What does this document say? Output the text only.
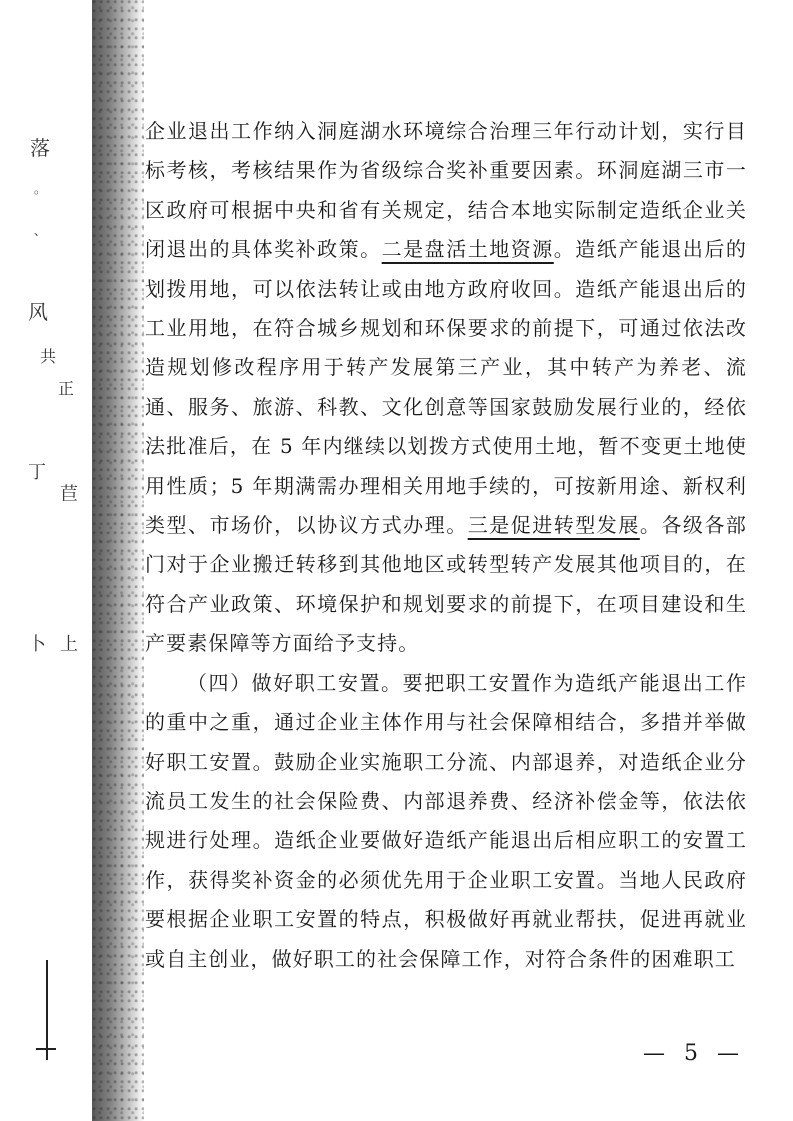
落
。
、
风
共
正
丁
苣
卜 上

企业退出工作纳入洞庭湖水环境综合治理三年行动计划，实行目标考核，考核结果作为省级综合奖补重要因素。环洞庭湖三市一区政府可根据中央和省有关规定，结合本地实际制定造纸企业关闭退出的具体奖补政策。二是盘活土地资源。造纸产能退出后的划拨用地，可以依法转让或由地方政府收回。造纸产能退出后的工业用地，在符合城乡规划和环保要求的前提下，可通过依法改造规划修改程序用于转产发展第三产业，其中转产为养老、流通、服务、旅游、科教、文化创意等国家鼓励发展行业的，经依法批准后，在 5 年内继续以划拨方式使用土地，暂不变更土地使用性质；5 年期满需办理相关用地手续的，可按新用途、新权利类型、市场价，以协议方式办理。三是促进转型发展。各级各部门对于企业搬迁转移到其他地区或转型转产发展其他项目的，在符合产业政策、环境保护和规划要求的前提下，在项目建设和生产要素保障等方面给予支持。

（四）做好职工安置。要把职工安置作为造纸产能退出工作的重中之重，通过企业主体作用与社会保障相结合，多措并举做好职工安置。鼓励企业实施职工分流、内部退养，对造纸企业分流员工发生的社会保险费、内部退养费、经济补偿金等，依法依规进行处理。造纸企业要做好造纸产能退出后相应职工的安置工作，获得奖补资金的必须优先用于企业职工安置。当地人民政府要根据企业职工安置的特点，积极做好再就业帮扶，促进再就业或自主创业，做好职工的社会保障工作，对符合条件的困难职工

— 5 —
